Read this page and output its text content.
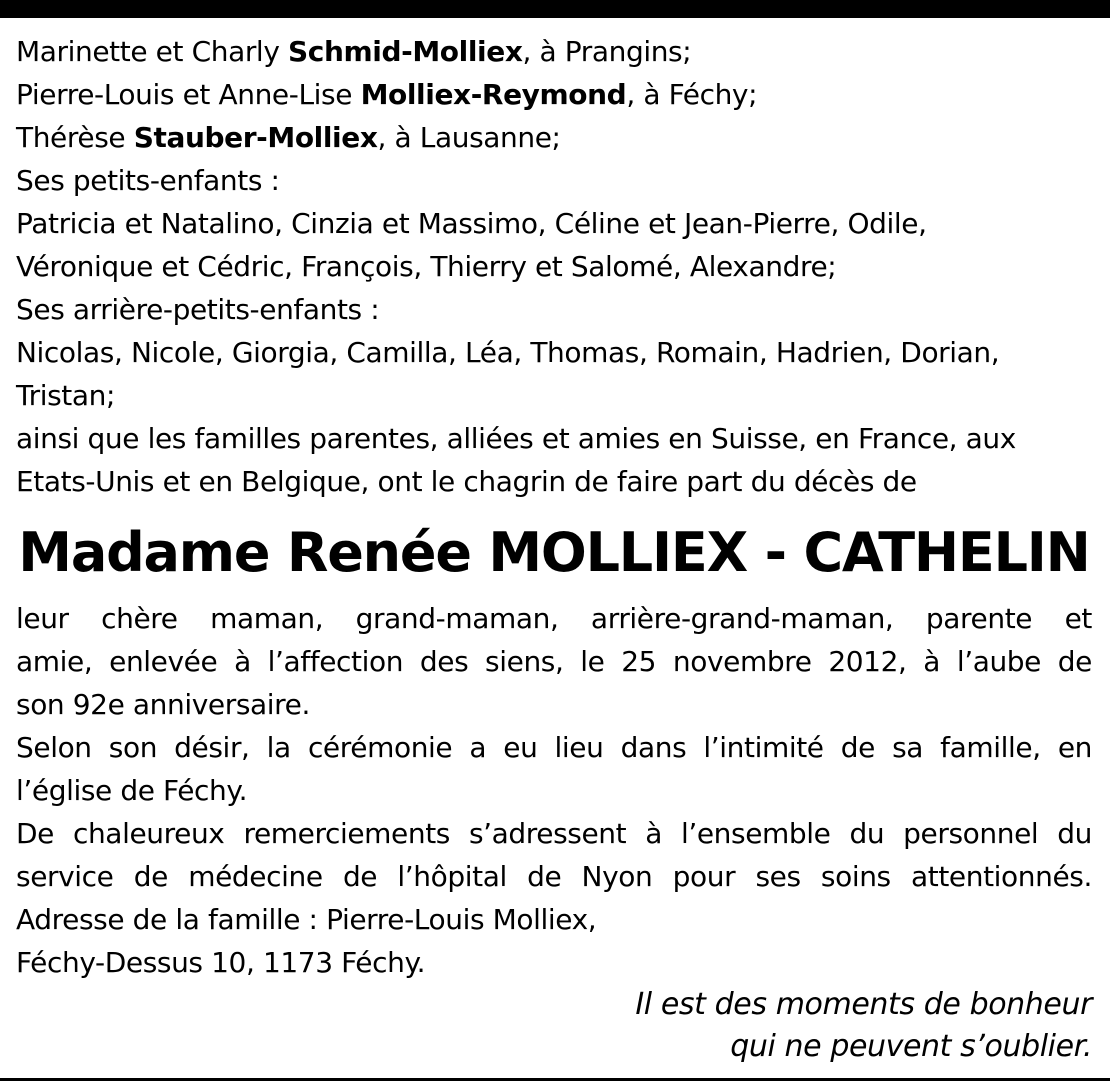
Marinette et Charly Schmid-Molliex, à Prangins;
Pierre-Louis et Anne-Lise Molliex-Reymond, à Féchy;
Thérèse Stauber-Molliex, à Lausanne;
Ses petits-enfants :
Patricia et Natalino, Cinzia et Massimo, Céline et Jean-Pierre, Odile,
Véronique et Cédric, François, Thierry et Salomé, Alexandre;
Ses arrière-petits-enfants :
Nicolas, Nicole, Giorgia, Camilla, Léa, Thomas, Romain, Hadrien, Dorian,
Tristan;
ainsi que les familles parentes, alliées et amies en Suisse, en France, aux
Etats-Unis et en Belgique, ont le chagrin de faire part du décès de
Madame Renée MOLLIEX - CATHELIN
leur chère maman, grand-maman, arrière-grand-maman, parente et
amie, enlevée à l’affection des siens, le 25 novembre 2012, à l’aube de
son 92e anniversaire.
Selon son désir, la cérémonie a eu lieu dans l’intimité de sa famille, en
l’église de Féchy.
De chaleureux remerciements s’adressent à l’ensemble du personnel du
service de médecine de l’hôpital de Nyon pour ses soins attentionnés.
Adresse de la famille : Pierre-Louis Molliex,
Féchy-Dessus 10, 1173 Féchy.
Il est des moments de bonheur
qui ne peuvent s’oublier.
